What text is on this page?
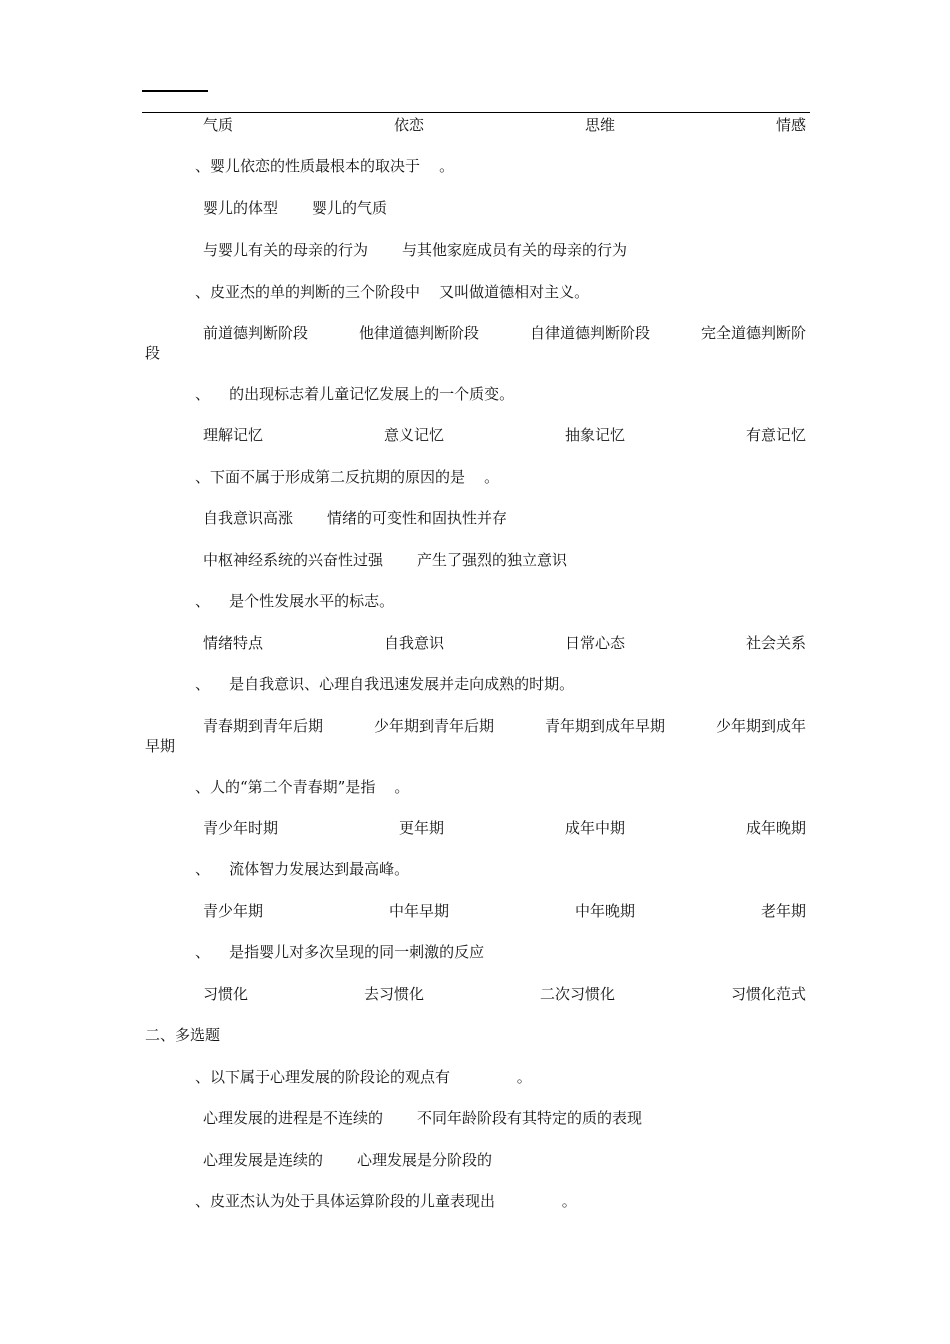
气质	依恋	思维	情感
、婴儿依恋的性质最根本的取决于    。
婴儿的体型 婴儿的气质
与婴儿有关的母亲的行为 与其他家庭成员有关的母亲的行为
、皮亚杰的单的判断的三个阶段中    又叫做道德相对主义。
前道德判断阶段	他律道德判断阶段	自律道德判断阶段	完全道德判断阶
段
、    的出现标志着儿童记忆发展上的一个质变。
理解记忆	意义记忆	抽象记忆	有意记忆
、下面不属于形成第二反抗期的原因的是    。
自我意识高涨 情绪的可变性和固执性并存
中枢神经系统的兴奋性过强 产生了强烈的独立意识
、    是个性发展水平的标志。
情绪特点	自我意识	日常心态	社会关系
、    是自我意识、心理自我迅速发展并走向成熟的时期。
青春期到青年后期	少年期到青年后期	青年期到成年早期	少年期到成年
早期
、人的“第二个青春期”是指    。
青少年时期	更年期	成年中期	成年晚期
、    流体智力发展达到最高峰。
青少年期	中年早期	中年晚期	老年期
、    是指婴儿对多次呈现的同一刺激的反应
习惯化	去习惯化	二次习惯化	习惯化范式
二、多选题
、以下属于心理发展的阶段论的观点有              。
心理发展的进程是不连续的 不同年龄阶段有其特定的质的表现
心理发展是连续的 心理发展是分阶段的
、皮亚杰认为处于具体运算阶段的儿童表现出              。
